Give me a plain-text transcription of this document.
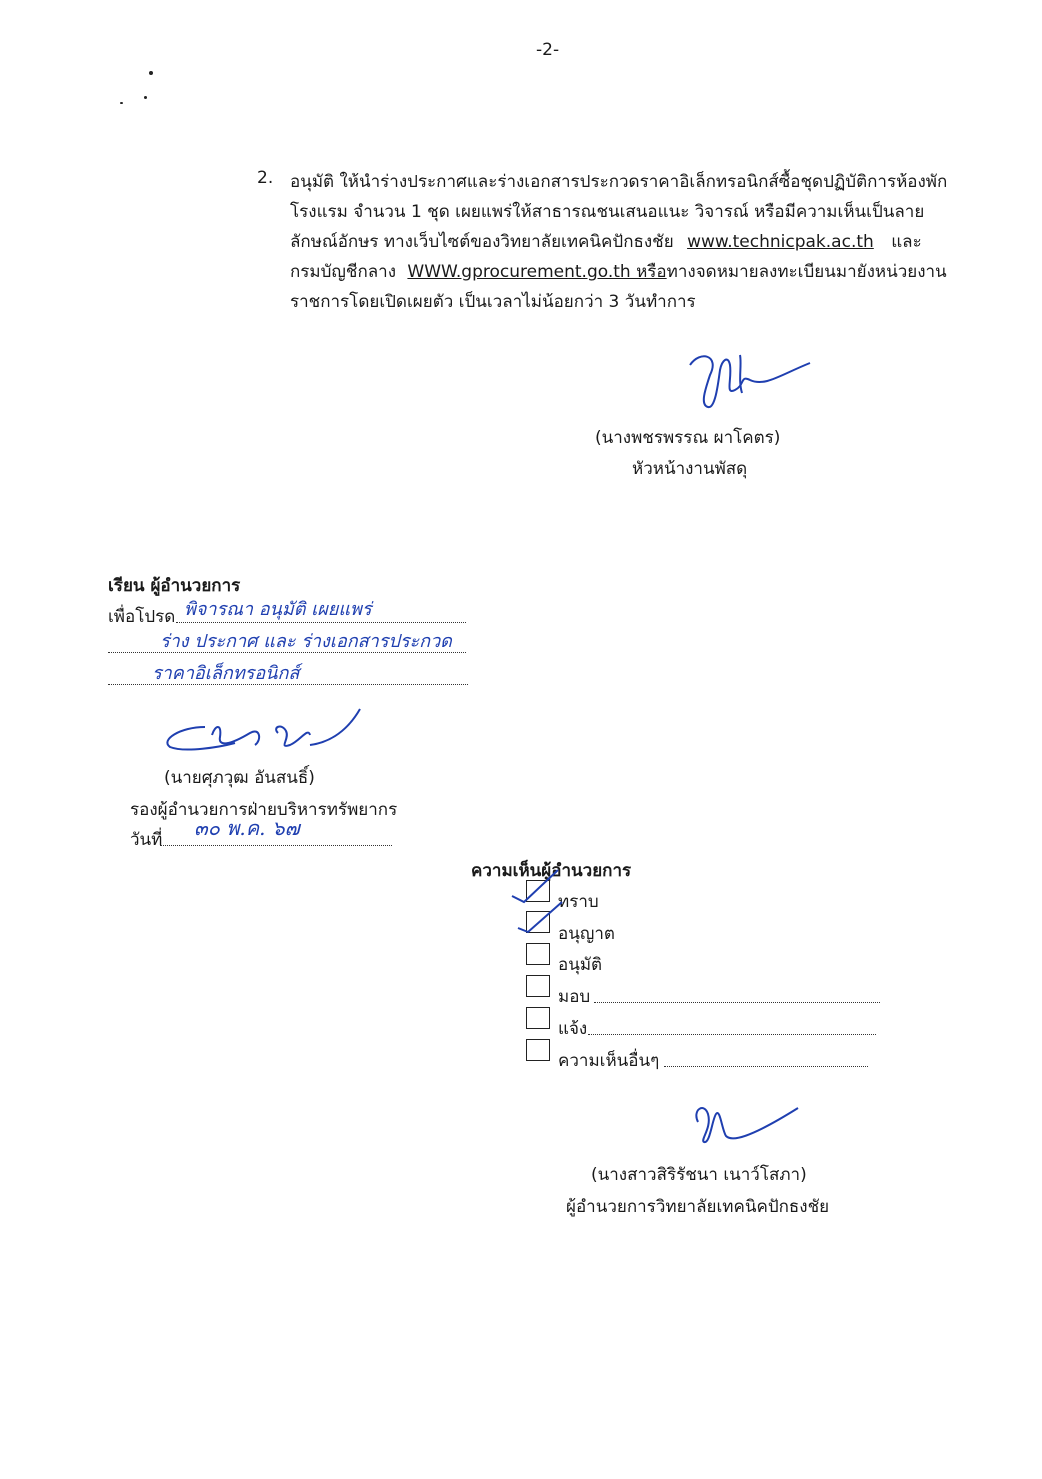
-2-
2. อนุมัติ ให้นำร่างประกาศและร่างเอกสารประกวดราคาอิเล็กทรอนิกส์ซื้อชุดปฏิบัติการห้องพัก
โรงแรม จำนวน 1 ชุด เผยแพร่ให้สาธารณชนเสนอแนะ วิจารณ์ หรือมีความเห็นเป็นลาย
ลักษณ์อักษร ทางเว็บไซต์ของวิทยาลัยเทคนิคปักธงชัย www.technicpak.ac.th และ
กรมบัญชีกลาง WWW.gprocurement.go.th หรือทางจดหมายลงทะเบียนมายังหน่วยงาน
ราชการโดยเปิดเผยตัว เป็นเวลาไม่น้อยกว่า 3 วันทำการ
(นางพชรพรรณ ผาโคตร)
หัวหน้างานพัสดุ
เรียน ผู้อำนวยการ
เพื่อโปรด พิจารณา อนุมัติ เผยแพร่
ร่าง ประกาศ และ ร่างเอกสารประกวด
ราคาอิเล็กทรอนิกส์
(นายศุภวุฒ อันสนธิ์)
รองผู้อำนวยการฝ่ายบริหารทรัพยากร
วันที่ ๓๐ พ.ค. ๖๗
ความเห็นผู้อำนวยการ
ทราบ
อนุญาต
อนุมัติ
มอบ
แจ้ง
ความเห็นอื่นๆ
(นางสาวสิริรัชนา เนาว์โสภา)
ผู้อำนวยการวิทยาลัยเทคนิคปักธงชัย
